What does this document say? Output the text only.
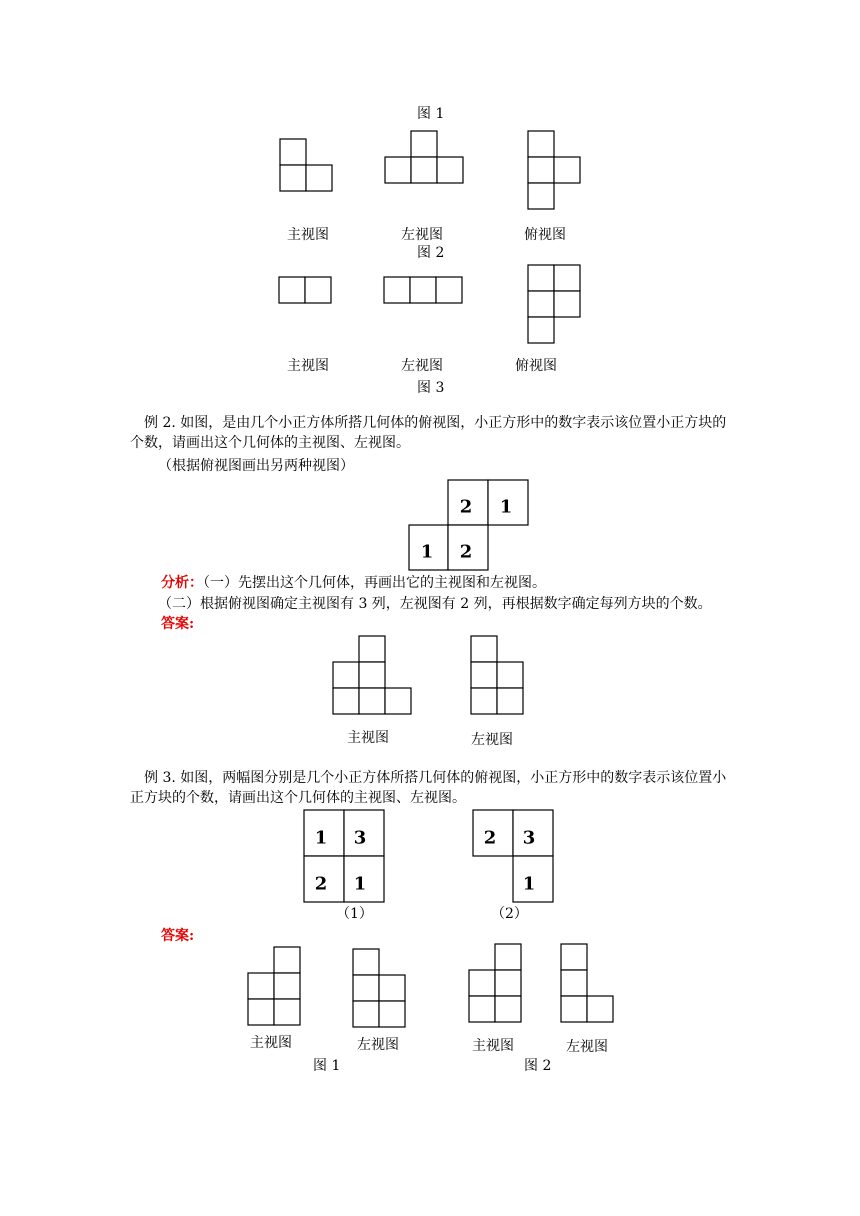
图 1
主视图	左视图	俯视图
图 2
主视图	左视图	俯视图
图 3
例 2. 如图，是由几个小正方体所搭几何体的俯视图，小正方形中的数字表示该位置小正方块的个数，请画出这个几何体的主视图、左视图。
（根据俯视图画出另两种视图）
2 1
1 2
分析：（一）先摆出这个几何体，再画出它的主视图和左视图。
（二）根据俯视图确定主视图有 3 列，左视图有 2 列，再根据数字确定每列方块的个数。
答案:
主视图	左视图
例 3. 如图，两幅图分别是几个小正方体所搭几何体的俯视图，小正方形中的数字表示该位置小正方块的个数，请画出这个几何体的主视图、左视图。
1 3
2 1
2 3
1
（1）	（2）
答案:
主视图	左视图	主视图	左视图
图 1	图 2
